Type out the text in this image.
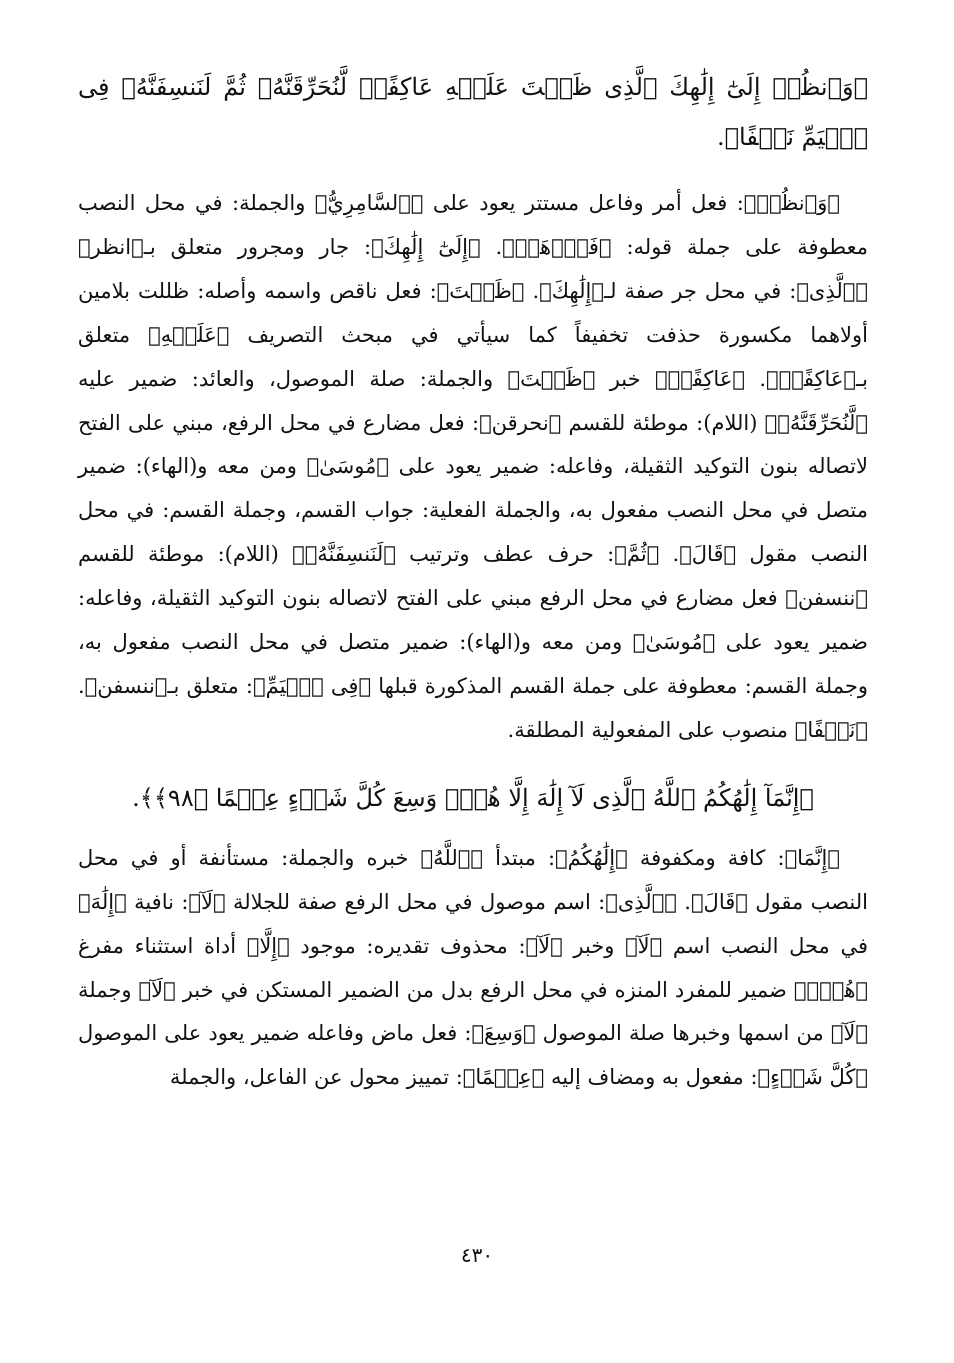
﴿وَٱنظُرۡ إِلَىٰٓ إِلَٰهِكَ ٱلَّذِى ظَلۡتَ عَلَيۡهِ عَاكِفًاۖ لَّنُحَرِّقَنَّهُۥ ثُمَّ لَنَنسِفَنَّهُۥ فِى ٱلۡيَمِّ نَسۡفًا﴾.

﴿وَٱنظُرۡ﴾: فعل أمر وفاعل مستتر يعود على ﴿ٱلسَّامِرِيُّ﴾ والجملة: في محل النصب معطوفة على جملة قوله: ﴿فَٱذۡهَبۡ﴾. ﴿إِلَىٰٓ إِلَٰهِكَ﴾: جار ومجرور متعلق بـ﴿انظر﴾ ﴿ٱلَّذِى﴾: في محل جر صفة لـ﴿إِلَٰهِكَ﴾. ﴿ظَلۡتَ﴾: فعل ناقص واسمه وأصله: ظللت بلامين أولاهما مكسورة حذفت تخفيفاً كما سيأتي في مبحث التصريف ﴿عَلَيۡهِ﴾ متعلق بـ﴿عَاكِفًاۖ﴾. ﴿عَاكِفًاۖ﴾ خبر ﴿ظَلۡتَ﴾ والجملة: صلة الموصول، والعائد: ضمير عليه ﴿لَّنُحَرِّقَنَّهُۥ﴾ (اللام): موطئة للقسم ﴿نحرقن﴾: فعل مضارع في محل الرفع، مبني على الفتح لاتصاله بنون التوكيد الثقيلة، وفاعله: ضمير يعود على ﴿مُوسَىٰ﴾ ومن معه و(الهاء): ضمير متصل في محل النصب مفعول به، والجملة الفعلية: جواب القسم، وجملة القسم: في محل النصب مقول ﴿قَالَ﴾. ﴿ثُمَّ﴾: حرف عطف وترتيب ﴿لَنَنسِفَنَّهُۥ﴾ (اللام): موطئة للقسم ﴿ننسفن﴾ فعل مضارع في محل الرفع مبني على الفتح لاتصاله بنون التوكيد الثقيلة، وفاعله: ضمير يعود على ﴿مُوسَىٰ﴾ ومن معه و(الهاء): ضمير متصل في محل النصب مفعول به، وجملة القسم: معطوفة على جملة القسم المذكورة قبلها ﴿فِى ٱلۡيَمِّ﴾: متعلق بـ﴿ننسفن﴾. ﴿نَسۡفًا﴾ منصوب على المفعولية المطلقة.

﴿إِنَّمَآ إِلَٰهُكُمُ ٱللَّهُ ٱلَّذِى لَآ إِلَٰهَ إِلَّا هُوَۚ وَسِعَ كُلَّ شَىۡءٍ عِلۡمًا ﴿٩٨﴾﴾.

﴿إِنَّمَا﴾: كافة ومكفوفة ﴿إِلَٰهُكُمُ﴾: مبتدأ ﴿ٱللَّهُ﴾ خبره والجملة: مستأنفة أو في محل النصب مقول ﴿قَالَ﴾. ﴿ٱلَّذِى﴾: اسم موصول في محل الرفع صفة للجلالة ﴿لَآ﴾: نافية ﴿إِلَٰهَ﴾ في محل النصب اسم ﴿لَآ﴾ وخبر ﴿لَآ﴾: محذوف تقديره: موجود ﴿إِلَّا﴾ أداة استثناء مفرغ ﴿هُوَۚ﴾ ضمير للمفرد المنزه في محل الرفع بدل من الضمير المستكن في خبر ﴿لَآ﴾ وجملة ﴿لَآ﴾ من اسمها وخبرها صلة الموصول ﴿وَسِعَ﴾: فعل ماض وفاعله ضمير يعود على الموصول ﴿كُلَّ شَىۡءٍ﴾: مفعول به ومضاف إليه ﴿عِلۡمًا﴾: تمييز محول عن الفاعل، والجملة

٤٣٠
